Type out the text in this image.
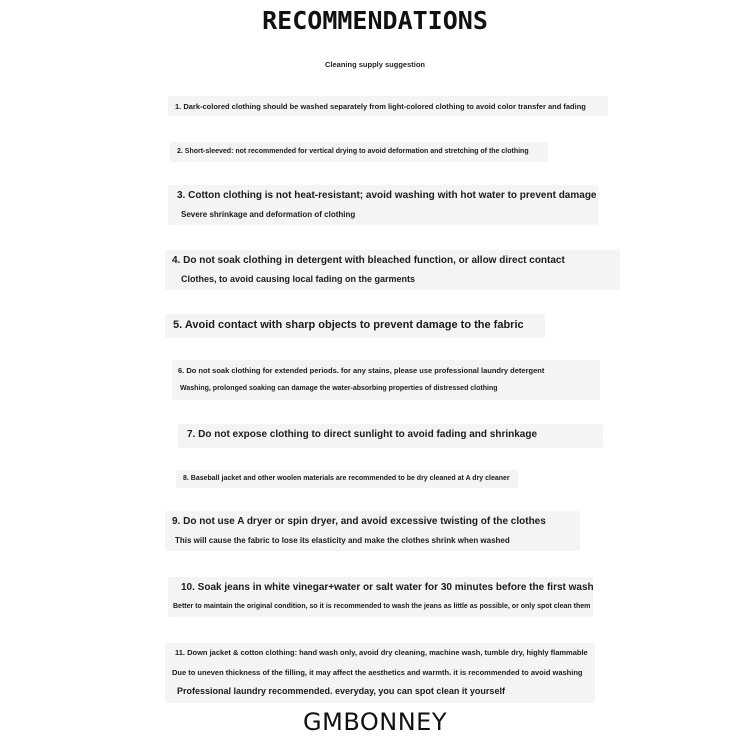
RECOMMENDATIONS
Cleaning supply suggestion
1. Dark-colored clothing should be washed separately from light-colored clothing to avoid color transfer and fading
2. Short-sleeved: not recommended for vertical drying to avoid deformation and stretching of the clothing
3. Cotton clothing is not heat-resistant; avoid washing with hot water to prevent damage
Severe shrinkage and deformation of clothing
4. Do not soak clothing in detergent with bleached function, or allow direct contact
Clothes, to avoid causing local fading on the garments
5. Avoid contact with sharp objects to prevent damage to the fabric
6. Do not soak clothing for extended periods. for any stains, please use professional laundry detergent
Washing, prolonged soaking can damage the water-absorbing properties of distressed clothing
7. Do not expose clothing to direct sunlight to avoid fading and shrinkage
8. Baseball jacket and other woolen materials are recommended to be dry cleaned at A dry cleaner
9. Do not use A dryer or spin dryer, and avoid excessive twisting of the clothes
This will cause the fabric to lose its elasticity and make the clothes shrink when washed
10. Soak jeans in white vinegar+water or salt water for 30 minutes before the first wash
Better to maintain the original condition, so it is recommended to wash the jeans as little as possible, or only spot clean them
11. Down jacket & cotton clothing: hand wash only, avoid dry cleaning, machine wash, tumble dry, highly flammable
Due to uneven thickness of the filling, it may affect the aesthetics and warmth. it is recommended to avoid washing
Professional laundry recommended. everyday, you can spot clean it yourself
GMBONNEY
